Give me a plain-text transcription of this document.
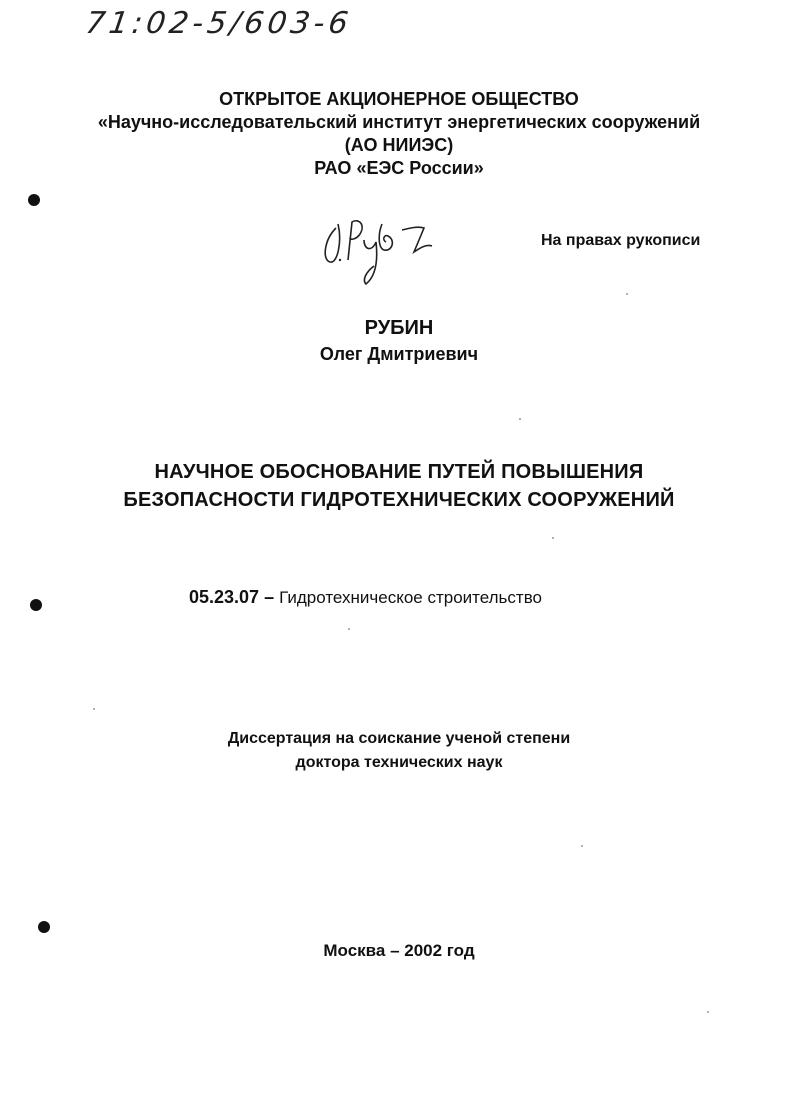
71:02-5/603-6
ОТКРЫТОЕ АКЦИОНЕРНОЕ ОБЩЕСТВО
«Научно-исследовательский институт энергетических сооружений
(АО НИИЭС)
РАО «ЕЭС России»
На правах рукописи
РУБИН
Олег Дмитриевич
НАУЧНОЕ ОБОСНОВАНИЕ ПУТЕЙ ПОВЫШЕНИЯ
БЕЗОПАСНОСТИ ГИДРОТЕХНИЧЕСКИХ СООРУЖЕНИЙ
05.23.07 – Гидротехническое строительство
Диссертация на соискание ученой степени
доктора технических наук
Москва – 2002 год
